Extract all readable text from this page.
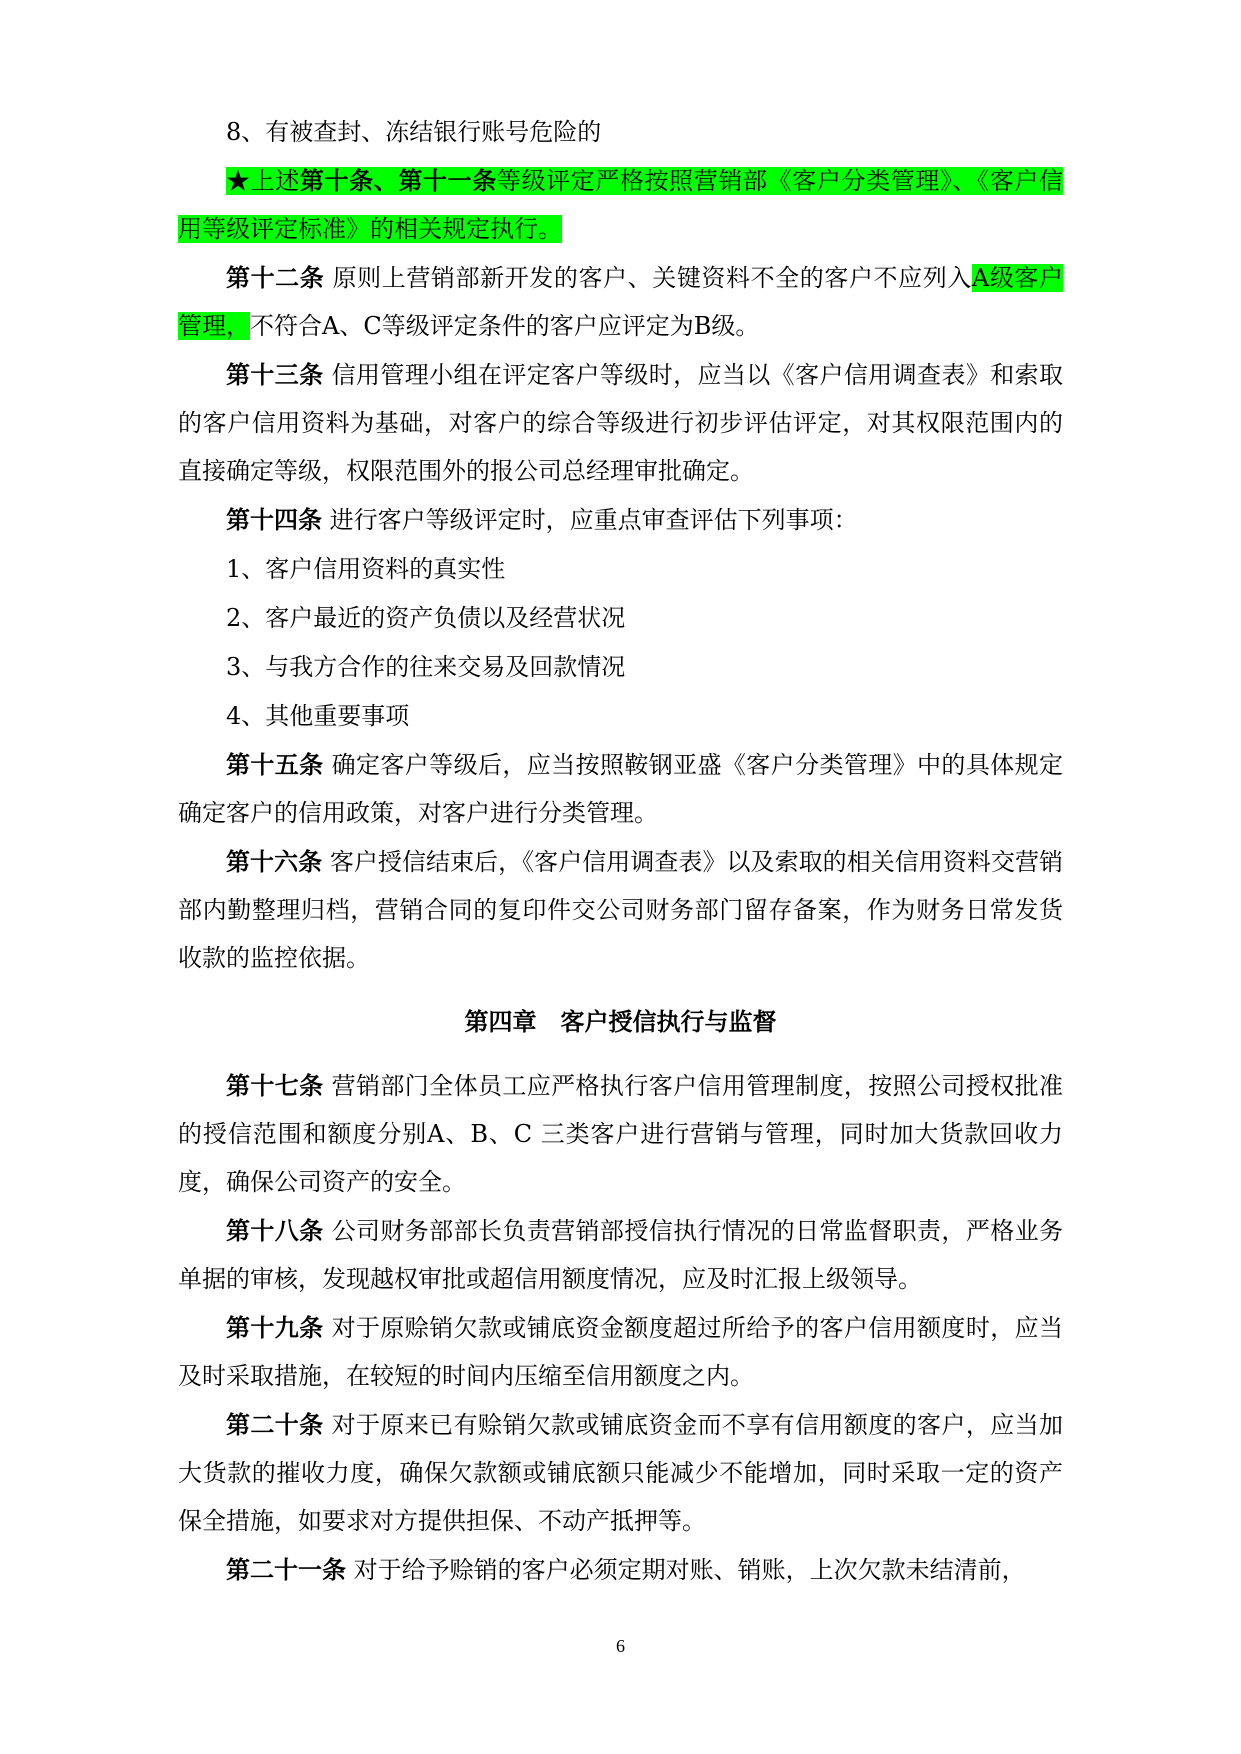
8、有被查封、冻结银行账号危险的

★上述第十条、第十一条等级评定严格按照营销部《客户分类管理》、《客户信用等级评定标准》的相关规定执行。

第十二条 原则上营销部新开发的客户、关键资料不全的客户不应列入A级客户管理，不符合A、C等级评定条件的客户应评定为B级。

第十三条 信用管理小组在评定客户等级时，应当以《客户信用调查表》和索取的客户信用资料为基础，对客户的综合等级进行初步评估评定，对其权限范围内的直接确定等级，权限范围外的报公司总经理审批确定。

第十四条 进行客户等级评定时，应重点审查评估下列事项：

1、客户信用资料的真实性

2、客户最近的资产负债以及经营状况

3、与我方合作的往来交易及回款情况

4、其他重要事项

第十五条 确定客户等级后，应当按照鞍钢亚盛《客户分类管理》中的具体规定确定客户的信用政策，对客户进行分类管理。

第十六条 客户授信结束后，《客户信用调查表》以及索取的相关信用资料交营销部内勤整理归档，营销合同的复印件交公司财务部门留存备案，作为财务日常发货收款的监控依据。

第四章　客户授信执行与监督

第十七条 营销部门全体员工应严格执行客户信用管理制度，按照公司授权批准的授信范围和额度分别A、B、C 三类客户进行营销与管理，同时加大货款回收力度，确保公司资产的安全。

第十八条 公司财务部部长负责营销部授信执行情况的日常监督职责，严格业务单据的审核，发现越权审批或超信用额度情况，应及时汇报上级领导。

第十九条 对于原赊销欠款或铺底资金额度超过所给予的客户信用额度时，应当及时采取措施，在较短的时间内压缩至信用额度之内。

第二十条 对于原来已有赊销欠款或铺底资金而不享有信用额度的客户，应当加大货款的摧收力度，确保欠款额或铺底额只能减少不能增加，同时采取一定的资产保全措施，如要求对方提供担保、不动产抵押等。

第二十一条 对于给予赊销的客户必须定期对账、销账，上次欠款未结清前，

6
